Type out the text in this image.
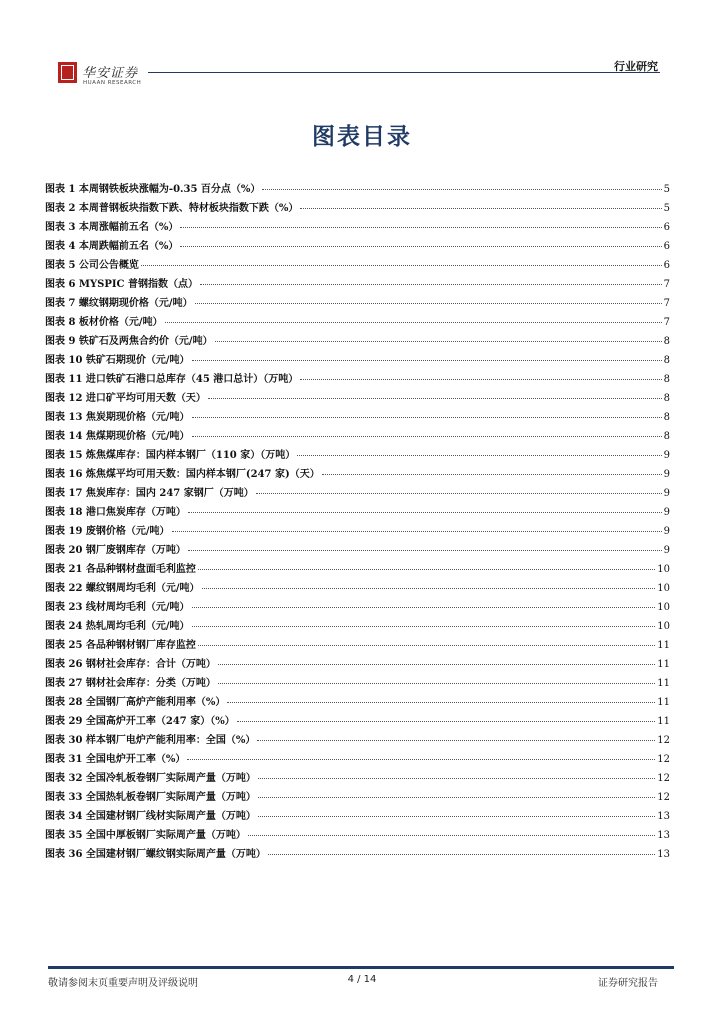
华安证券
HUAAN RESEARCH
行业研究
图表目录
图表 1 本周钢铁板块涨幅为-0.35 百分点（%）	5
图表 2 本周普钢板块指数下跌、特材板块指数下跌（%）	5
图表 3 本周涨幅前五名（%）	6
图表 4 本周跌幅前五名（%）	6
图表 5 公司公告概览	6
图表 6 MYSPIC 普钢指数（点）	7
图表 7 螺纹钢期现价格（元/吨）	7
图表 8 板材价格（元/吨）	7
图表 9 铁矿石及两焦合约价（元/吨）	8
图表 10 铁矿石期现价（元/吨）	8
图表 11 进口铁矿石港口总库存（45 港口总计）（万吨）	8
图表 12 进口矿平均可用天数（天）	8
图表 13 焦炭期现价格（元/吨）	8
图表 14 焦煤期现价格（元/吨）	8
图表 15 炼焦煤库存：国内样本钢厂（110 家）（万吨）	9
图表 16 炼焦煤平均可用天数：国内样本钢厂(247 家)（天）	9
图表 17 焦炭库存：国内 247 家钢厂（万吨）	9
图表 18 港口焦炭库存（万吨）	9
图表 19 废钢价格（元/吨）	9
图表 20 钢厂废钢库存（万吨）	9
图表 21 各品种钢材盘面毛利监控	10
图表 22 螺纹钢周均毛利（元/吨）	10
图表 23 线材周均毛利（元/吨）	10
图表 24 热轧周均毛利（元/吨）	10
图表 25 各品种钢材钢厂库存监控	11
图表 26 钢材社会库存：合计（万吨）	11
图表 27 钢材社会库存：分类（万吨）	11
图表 28 全国钢厂高炉产能利用率（%）	11
图表 29 全国高炉开工率（247 家）（%）	11
图表 30 样本钢厂电炉产能利用率：全国（%）	12
图表 31 全国电炉开工率（%）	12
图表 32 全国冷轧板卷钢厂实际周产量（万吨）	12
图表 33 全国热轧板卷钢厂实际周产量（万吨）	12
图表 34 全国建材钢厂线材实际周产量（万吨）	13
图表 35 全国中厚板钢厂实际周产量（万吨）	13
图表 36 全国建材钢厂螺纹钢实际周产量（万吨）	13
敬请参阅末页重要声明及评级说明	4 / 14	证券研究报告
